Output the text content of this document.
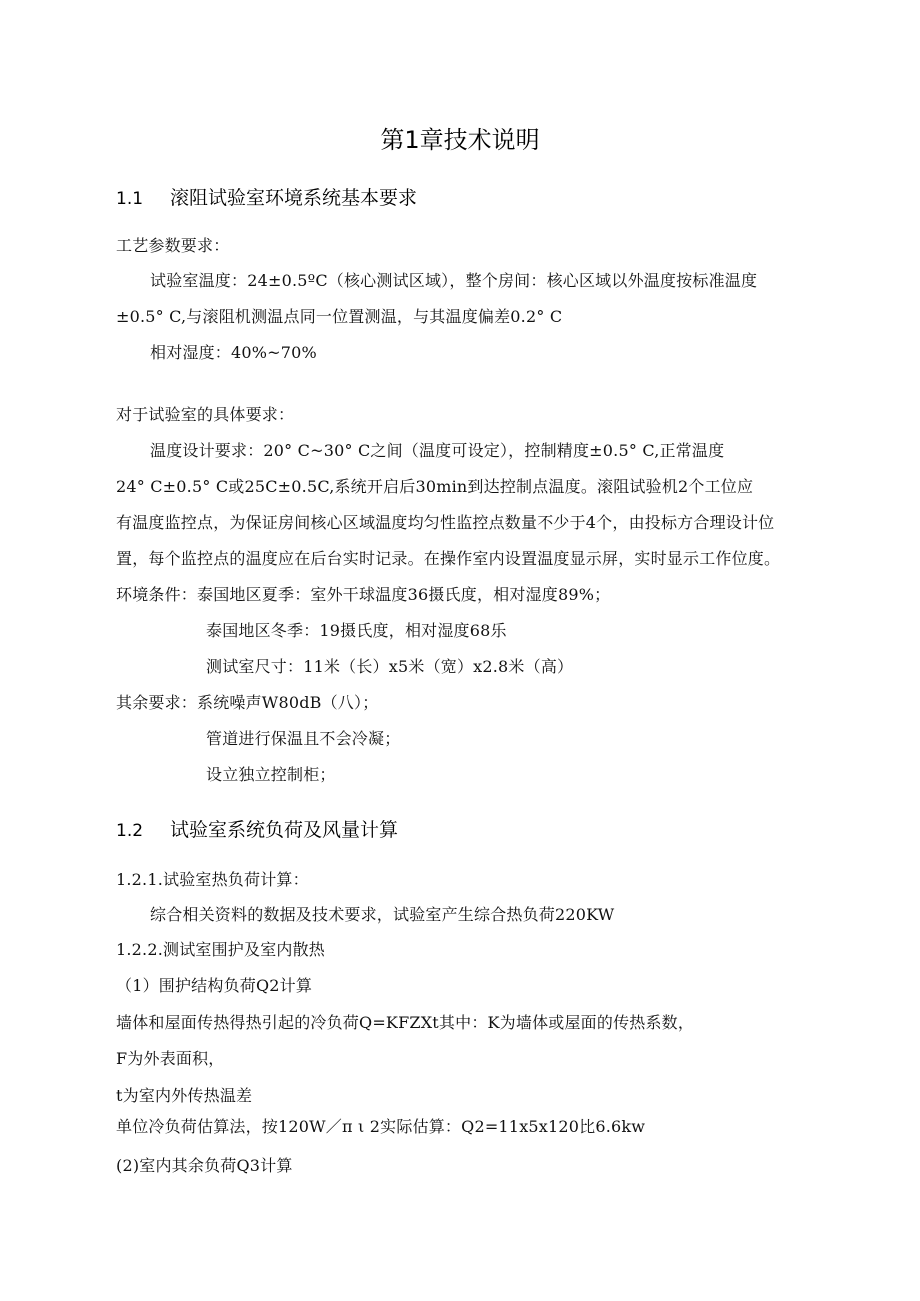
第1章技术说明
1.1 滚阻试验室环境系统基本要求
工艺参数要求：
试验室温度：24±0.5ºC（核心测试区域），整个房间：核心区域以外温度按标准温度
±0.5° C,与滚阻机测温点同一位置测温，与其温度偏差0.2° C
相对湿度：40%~70%
对于试验室的具体要求：
温度设计要求：20° C~30° C之间（温度可设定），控制精度±0.5° C,正常温度
24° C±0.5° C或25C±0.5C,系统开启后30min到达控制点温度。滚阻试验机2个工位应
有温度监控点，为保证房间核心区域温度均匀性监控点数量不少于4个，由投标方合理设计位
置，每个监控点的温度应在后台实时记录。在操作室内设置温度显示屏，实时显示工作位度。
环境条件：泰国地区夏季：室外干球温度36摄氏度，相对湿度89%；
泰国地区冬季：19摄氏度，相对湿度68乐
测试室尺寸：11米（长）x5米（宽）x2.8米（高）
其余要求：系统噪声W80dB（八）；
管道进行保温且不会冷凝；
设立独立控制柜；
1.2 试验室系统负荷及风量计算
1.2.1.试验室热负荷计算：
综合相关资料的数据及技术要求，试验室产生综合热负荷220KW
1.2.2.测试室围护及室内散热
（1）围护结构负荷Q2计算
墙体和屋面传热得热引起的冷负荷Q=KFZXt其中：K为墙体或屋面的传热系数，
F为外表面积，
t为室内外传热温差
单位冷负荷估算法，按120W／π ι 2实际估算：Q2=11x5x120比6.6kw
(2)室内其余负荷Q3计算
